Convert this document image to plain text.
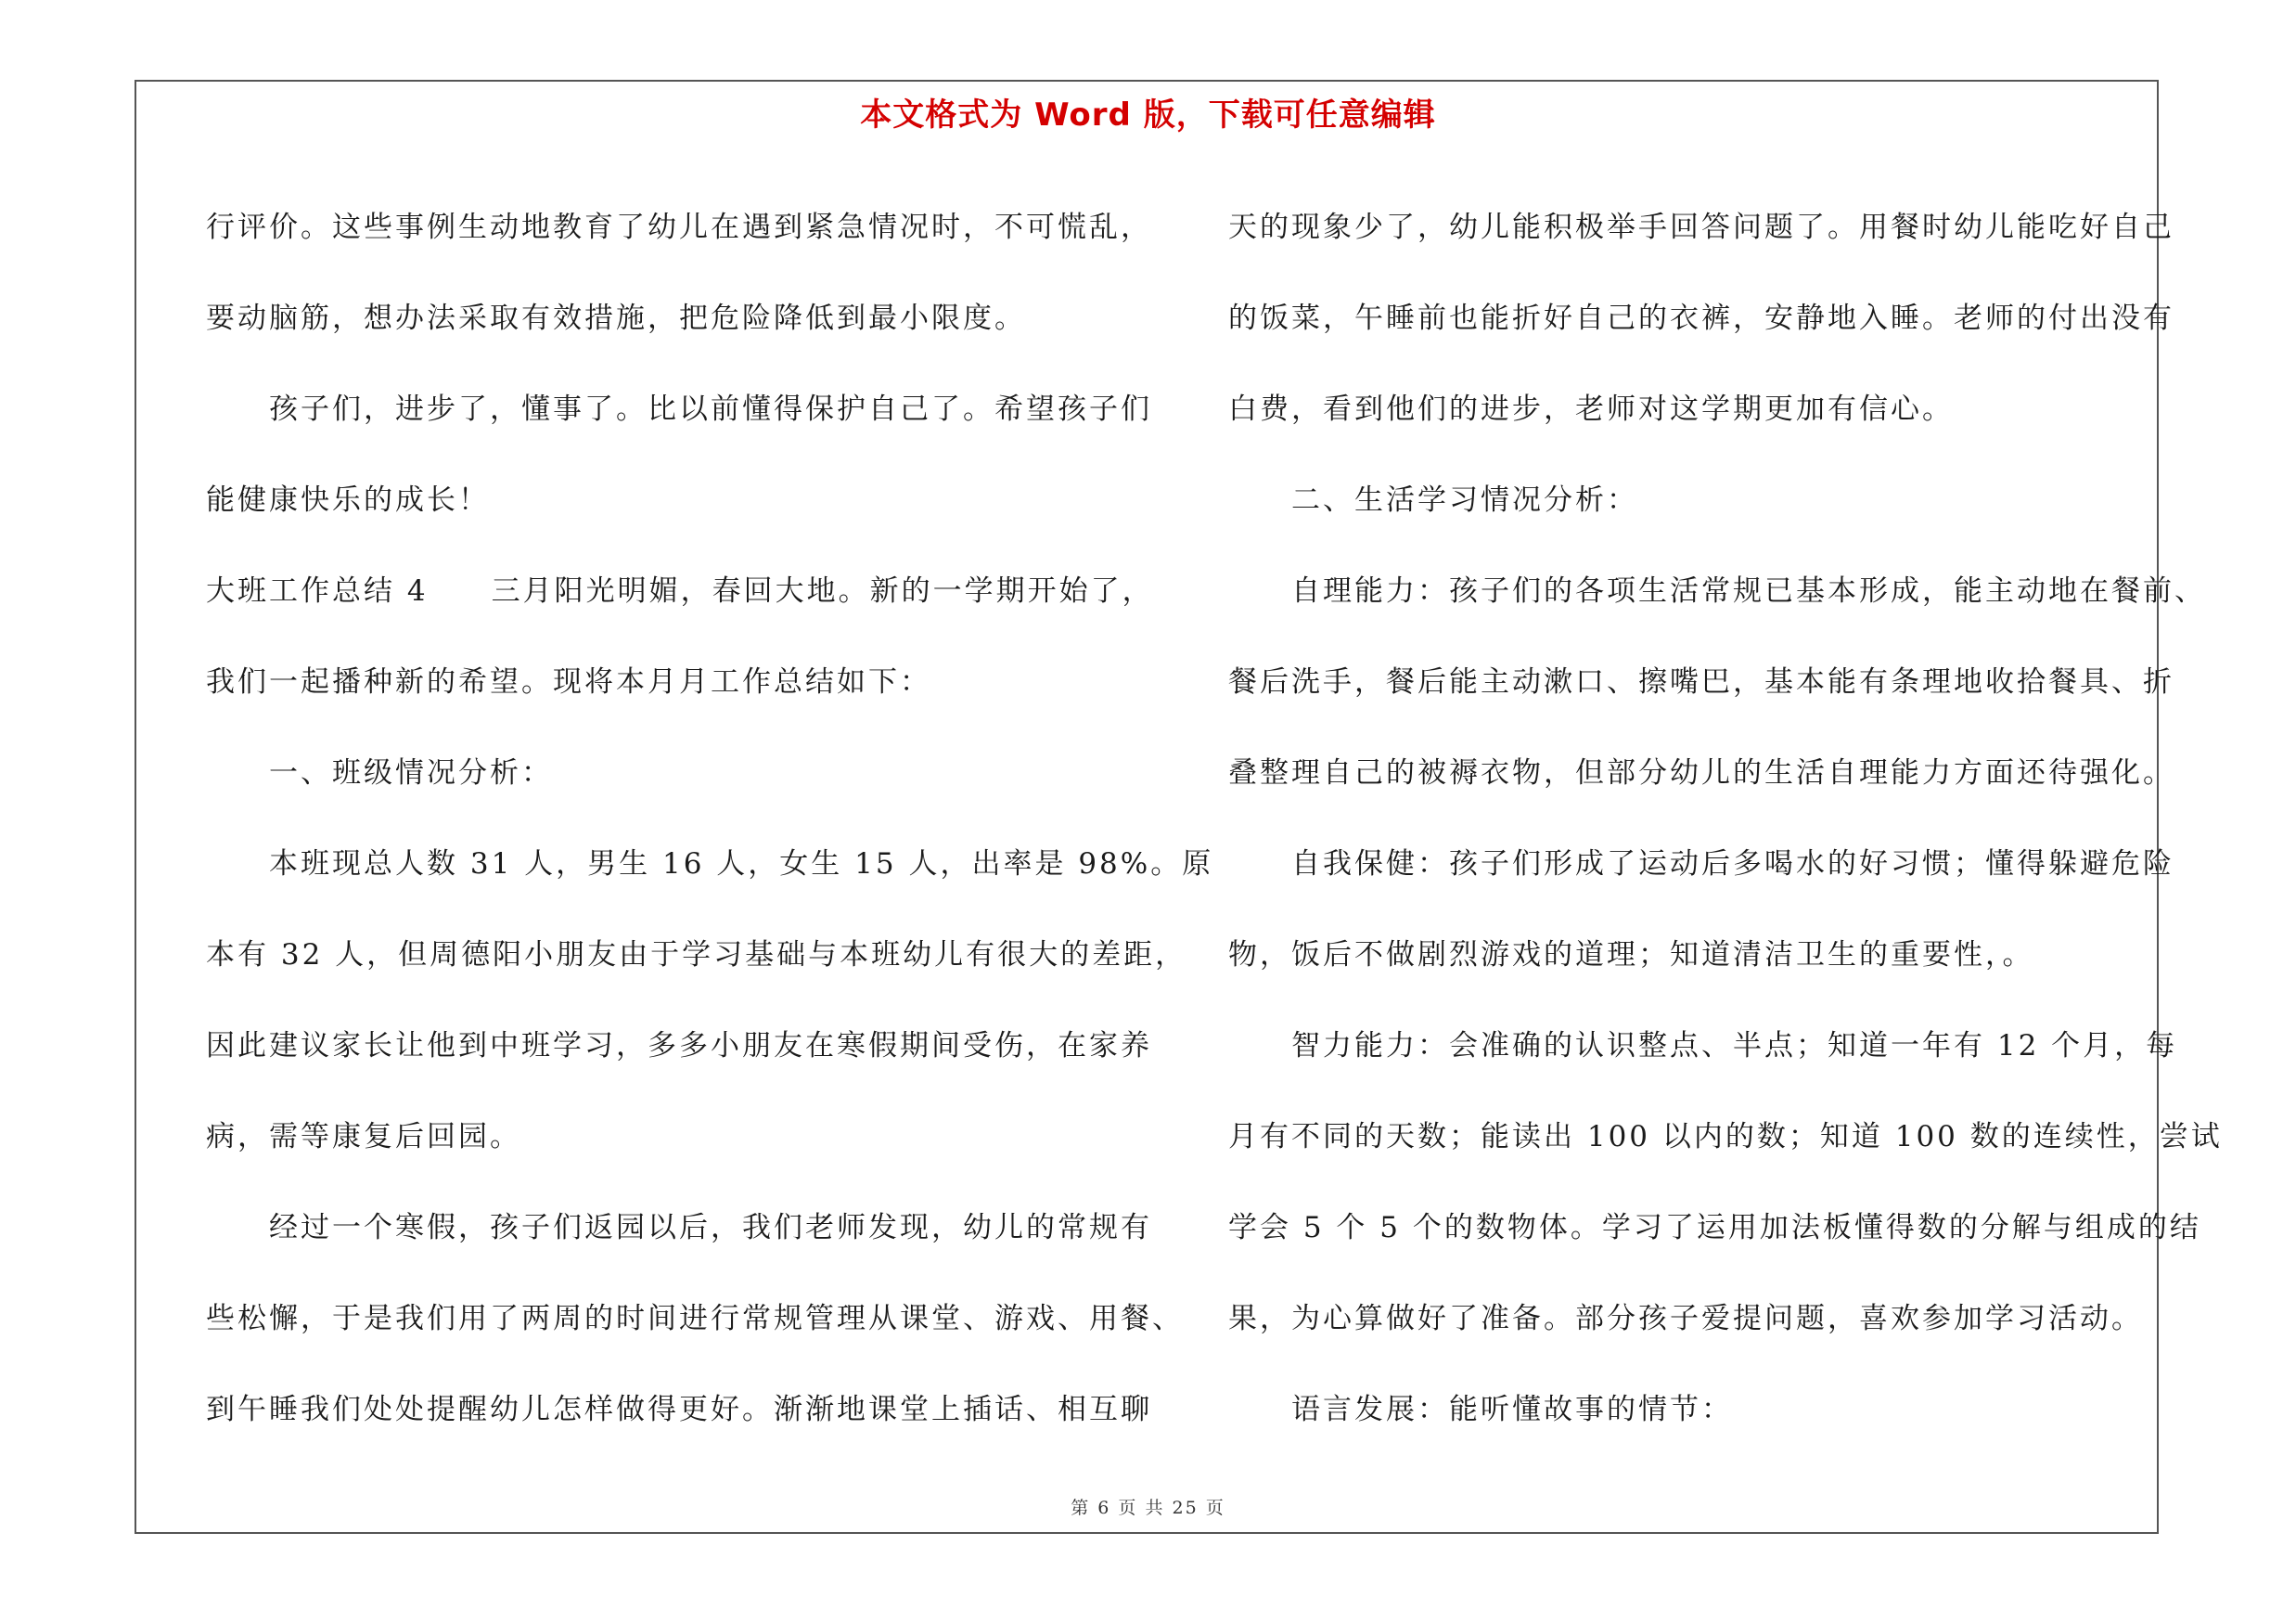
本文格式为 Word 版，下载可任意编辑
行评价。这些事例生动地教育了幼儿在遇到紧急情况时，不可慌乱，
要动脑筋，想办法采取有效措施，把危险降低到最小限度。
　　孩子们，进步了，懂事了。比以前懂得保护自己了。希望孩子们
能健康快乐的成长！
大班工作总结 4　　三月阳光明媚，春回大地。新的一学期开始了，
我们一起播种新的希望。现将本月月工作总结如下：
　　一、班级情况分析：
　　本班现总人数 31 人，男生 16 人，女生 15 人，出率是 98%。原
本有 32 人，但周德阳小朋友由于学习基础与本班幼儿有很大的差距，
因此建议家长让他到中班学习，多多小朋友在寒假期间受伤，在家养
病，需等康复后回园。
　　经过一个寒假，孩子们返园以后，我们老师发现，幼儿的常规有
些松懈，于是我们用了两周的时间进行常规管理从课堂、游戏、用餐、
到午睡我们处处提醒幼儿怎样做得更好。渐渐地课堂上插话、相互聊
天的现象少了，幼儿能积极举手回答问题了。用餐时幼儿能吃好自己
的饭菜，午睡前也能折好自己的衣裤，安静地入睡。老师的付出没有
白费，看到他们的进步，老师对这学期更加有信心。
　　二、生活学习情况分析：
　　自理能力：孩子们的各项生活常规已基本形成，能主动地在餐前、
餐后洗手，餐后能主动漱口、擦嘴巴，基本能有条理地收拾餐具、折
叠整理自己的被褥衣物，但部分幼儿的生活自理能力方面还待强化。
　　自我保健：孩子们形成了运动后多喝水的好习惯；懂得躲避危险
物，饭后不做剧烈游戏的道理；知道清洁卫生的重要性，。
　　智力能力：会准确的认识整点、半点；知道一年有 12 个月，每
月有不同的天数；能读出 100 以内的数；知道 100 数的连续性，尝试
学会 5 个 5 个的数物体。学习了运用加法板懂得数的分解与组成的结
果，为心算做好了准备。部分孩子爱提问题，喜欢参加学习活动。
　　语言发展：能听懂故事的情节：
第 6 页 共 25 页
